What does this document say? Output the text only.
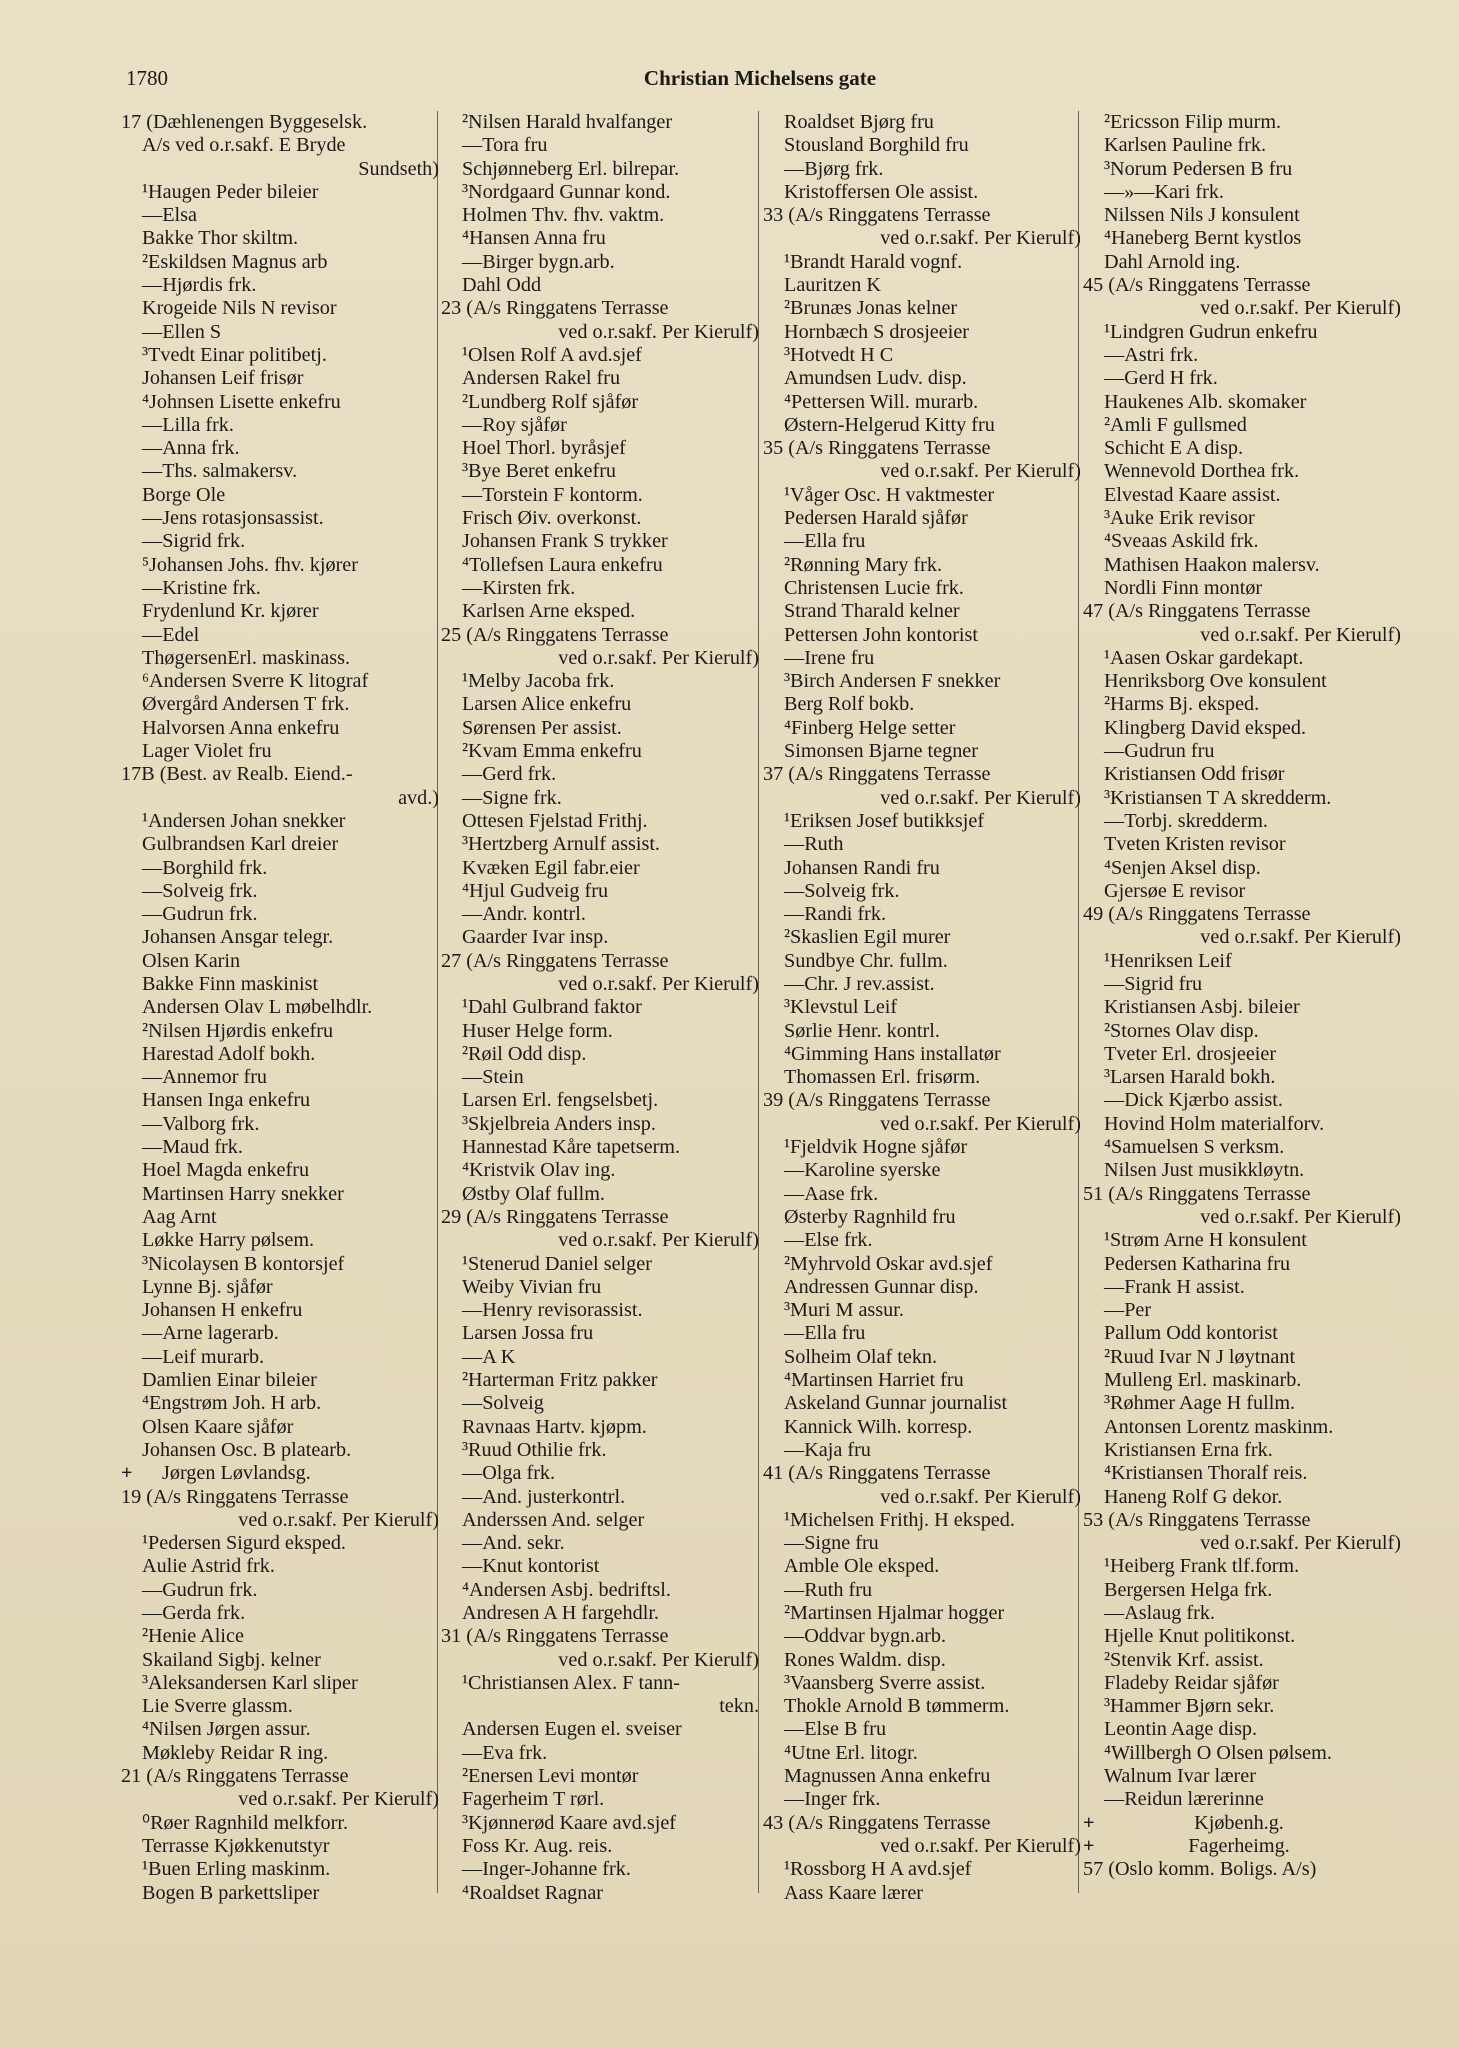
1780	Christian Michelsens gate
17 (Dæhlenengen Byggeselsk.
A/s ved o.r.sakf. E Bryde
Sundseth)
¹Haugen Peder bileier
—Elsa
Bakke Thor skiltm.
²Eskildsen Magnus arb
—Hjørdis frk.
Krogeide Nils N revisor
—Ellen S
³Tvedt Einar politibetj.
Johansen Leif frisør
⁴Johnsen Lisette enkefru
—Lilla frk.
—Anna frk.
—Ths. salmakersv.
Borge Ole
—Jens rotasjonsassist.
—Sigrid frk.
⁵Johansen Johs. fhv. kjører
—Kristine frk.
Frydenlund Kr. kjører
—Edel
ThøgersenErl. maskinass.
⁶Andersen Sverre K litograf
Øvergård Andersen T frk.
Halvorsen Anna enkefru
Lager Violet fru
17B (Best. av Realb. Eiend.-
avd.)
¹Andersen Johan snekker
Gulbrandsen Karl dreier
—Borghild frk.
—Solveig frk.
—Gudrun frk.
Johansen Ansgar telegr.
Olsen Karin
Bakke Finn maskinist
Andersen Olav L møbelhdlr.
²Nilsen Hjørdis enkefru
Harestad Adolf bokh.
—Annemor fru
Hansen Inga enkefru
—Valborg frk.
—Maud frk.
Hoel Magda enkefru
Martinsen Harry snekker
Aag Arnt
Løkke Harry pølsem.
³Nicolaysen B kontorsjef
Lynne Bj. sjåfør
Johansen H enkefru
—Arne lagerarb.
—Leif murarb.
Damlien Einar bileier
⁴Engstrøm Joh. H arb.
Olsen Kaare sjåfør
Johansen Osc. B platearb.
+ Jørgen Løvlandsg.
19 (A/s Ringgatens Terrasse
ved o.r.sakf. Per Kierulf)
¹Pedersen Sigurd eksped.
Aulie Astrid frk.
—Gudrun frk.
—Gerda frk.
²Henie Alice
Skailand Sigbj. kelner
³Aleksandersen Karl sliper
Lie Sverre glassm.
⁴Nilsen Jørgen assur.
Møkleby Reidar R ing.
21 (A/s Ringgatens Terrasse
ved o.r.sakf. Per Kierulf)
⁰Røer Ragnhild melkforr.
Terrasse Kjøkkenutstyr
¹Buen Erling maskinm.
Bogen B parkettsliper
²Nilsen Harald hvalfanger
—Tora fru
Schjønneberg Erl. bilrepar.
³Nordgaard Gunnar kond.
Holmen Thv. fhv. vaktm.
⁴Hansen Anna fru
—Birger bygn.arb.
Dahl Odd
23 (A/s Ringgatens Terrasse
ved o.r.sakf. Per Kierulf)
¹Olsen Rolf A avd.sjef
Andersen Rakel fru
²Lundberg Rolf sjåfør
—Roy sjåfør
Hoel Thorl. byråsjef
³Bye Beret enkefru
—Torstein F kontorm.
Frisch Øiv. overkonst.
Johansen Frank S trykker
⁴Tollefsen Laura enkefru
—Kirsten frk.
Karlsen Arne eksped.
25 (A/s Ringgatens Terrasse
ved o.r.sakf. Per Kierulf)
¹Melby Jacoba frk.
Larsen Alice enkefru
Sørensen Per assist.
²Kvam Emma enkefru
—Gerd frk.
—Signe frk.
Ottesen Fjelstad Frithj.
³Hertzberg Arnulf assist.
Kvæken Egil fabr.eier
⁴Hjul Gudveig fru
—Andr. kontrl.
Gaarder Ivar insp.
27 (A/s Ringgatens Terrasse
ved o.r.sakf. Per Kierulf)
¹Dahl Gulbrand faktor
Huser Helge form.
²Røil Odd disp.
—Stein
Larsen Erl. fengselsbetj.
³Skjelbreia Anders insp.
Hannestad Kåre tapetserm.
⁴Kristvik Olav ing.
Østby Olaf fullm.
29 (A/s Ringgatens Terrasse
ved o.r.sakf. Per Kierulf)
¹Stenerud Daniel selger
Weiby Vivian fru
—Henry revisorassist.
Larsen Jossa fru
—A K
²Harterman Fritz pakker
—Solveig
Ravnaas Hartv. kjøpm.
³Ruud Othilie frk.
—Olga frk.
—And. justerkontrl.
Anderssen And. selger
—And. sekr.
—Knut kontorist
⁴Andersen Asbj. bedriftsl.
Andresen A H fargehdlr.
31 (A/s Ringgatens Terrasse
ved o.r.sakf. Per Kierulf)
¹Christiansen Alex. F tann-
tekn.
Andersen Eugen el. sveiser
—Eva frk.
²Enersen Levi montør
Fagerheim T rørl.
³Kjønnerød Kaare avd.sjef
Foss Kr. Aug. reis.
—Inger-Johanne frk.
⁴Roaldset Ragnar
Roaldset Bjørg fru
Stousland Borghild fru
—Bjørg frk.
Kristoffersen Ole assist.
33 (A/s Ringgatens Terrasse
ved o.r.sakf. Per Kierulf)
¹Brandt Harald vognf.
Lauritzen K
²Brunæs Jonas kelner
Hornbæch S drosjeeier
³Hotvedt H C
Amundsen Ludv. disp.
⁴Pettersen Will. murarb.
Østern-Helgerud Kitty fru
35 (A/s Ringgatens Terrasse
ved o.r.sakf. Per Kierulf)
¹Våger Osc. H vaktmester
Pedersen Harald sjåfør
—Ella fru
²Rønning Mary frk.
Christensen Lucie frk.
Strand Tharald kelner
Pettersen John kontorist
—Irene fru
³Birch Andersen F snekker
Berg Rolf bokb.
⁴Finberg Helge setter
Simonsen Bjarne tegner
37 (A/s Ringgatens Terrasse
ved o.r.sakf. Per Kierulf)
¹Eriksen Josef butikksjef
—Ruth
Johansen Randi fru
—Solveig frk.
—Randi frk.
²Skaslien Egil murer
Sundbye Chr. fullm.
—Chr. J rev.assist.
³Klevstul Leif
Sørlie Henr. kontrl.
⁴Gimming Hans installatør
Thomassen Erl. frisørm.
39 (A/s Ringgatens Terrasse
ved o.r.sakf. Per Kierulf)
¹Fjeldvik Hogne sjåfør
—Karoline syerske
—Aase frk.
Østerby Ragnhild fru
—Else frk.
²Myhrvold Oskar avd.sjef
Andressen Gunnar disp.
³Muri M assur.
—Ella fru
Solheim Olaf tekn.
⁴Martinsen Harriet fru
Askeland Gunnar journalist
Kannick Wilh. korresp.
—Kaja fru
41 (A/s Ringgatens Terrasse
ved o.r.sakf. Per Kierulf)
¹Michelsen Frithj. H eksped.
—Signe fru
Amble Ole eksped.
—Ruth fru
²Martinsen Hjalmar hogger
—Oddvar bygn.arb.
Rones Waldm. disp.
³Vaansberg Sverre assist.
Thokle Arnold B tømmerm.
—Else B fru
⁴Utne Erl. litogr.
Magnussen Anna enkefru
—Inger frk.
43 (A/s Ringgatens Terrasse
ved o.r.sakf. Per Kierulf)
¹Rossborg H A avd.sjef
Aass Kaare lærer
²Ericsson Filip murm.
Karlsen Pauline frk.
³Norum Pedersen B fru
—»—Kari frk.
Nilssen Nils J konsulent
⁴Haneberg Bernt kystlos
Dahl Arnold ing.
45 (A/s Ringgatens Terrasse
ved o.r.sakf. Per Kierulf)
¹Lindgren Gudrun enkefru
—Astri frk.
—Gerd H frk.
Haukenes Alb. skomaker
²Amli F gullsmed
Schicht E A disp.
Wennevold Dorthea frk.
Elvestad Kaare assist.
³Auke Erik revisor
⁴Sveaas Askild frk.
Mathisen Haakon malersv.
Nordli Finn montør
47 (A/s Ringgatens Terrasse
ved o.r.sakf. Per Kierulf)
¹Aasen Oskar gardekapt.
Henriksborg Ove konsulent
²Harms Bj. eksped.
Klingberg David eksped.
—Gudrun fru
Kristiansen Odd frisør
³Kristiansen T A skredderm.
—Torbj. skredderm.
Tveten Kristen revisor
⁴Senjen Aksel disp.
Gjersøe E revisor
49 (A/s Ringgatens Terrasse
ved o.r.sakf. Per Kierulf)
¹Henriksen Leif
—Sigrid fru
Kristiansen Asbj. bileier
²Stornes Olav disp.
Tveter Erl. drosjeeier
³Larsen Harald bokh.
—Dick Kjærbo assist.
Hovind Holm materialforv.
⁴Samuelsen S verksm.
Nilsen Just musikkløytn.
51 (A/s Ringgatens Terrasse
ved o.r.sakf. Per Kierulf)
¹Strøm Arne H konsulent
Pedersen Katharina fru
—Frank H assist.
—Per
Pallum Odd kontorist
²Ruud Ivar N J løytnant
Mulleng Erl. maskinarb.
³Røhmer Aage H fullm.
Antonsen Lorentz maskinm.
Kristiansen Erna frk.
⁴Kristiansen Thoralf reis.
Haneng Rolf G dekor.
53 (A/s Ringgatens Terrasse
ved o.r.sakf. Per Kierulf)
¹Heiberg Frank tlf.form.
Bergersen Helga frk.
—Aslaug frk.
Hjelle Knut politikonst.
²Stenvik Krf. assist.
Fladeby Reidar sjåfør
³Hammer Bjørn sekr.
Leontin Aage disp.
⁴Willbergh O Olsen pølsem.
Walnum Ivar lærer
—Reidun lærerinne
+	Kjøbenh.g.
+	Fagerheimg.
57 (Oslo komm. Boligs. A/s)
